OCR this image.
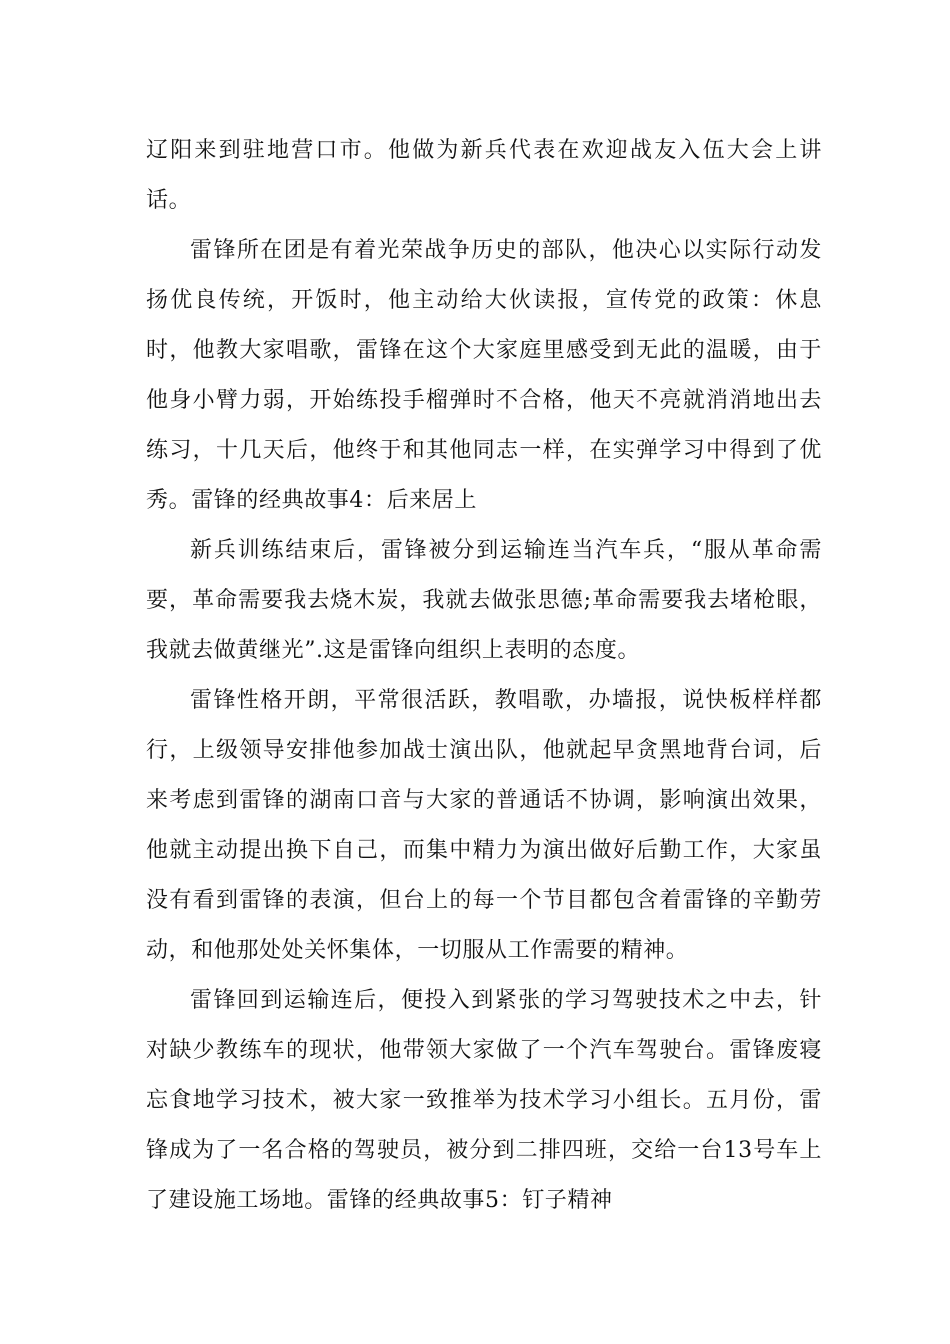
辽阳来到驻地营口市。他做为新兵代表在欢迎战友入伍大会上讲话。

雷锋所在团是有着光荣战争历史的部队，他决心以实际行动发扬优良传统，开饭时，他主动给大伙读报，宣传党的政策：休息时，他教大家唱歌，雷锋在这个大家庭里感受到无此的温暖，由于他身小臂力弱，开始练投手榴弹时不合格，他天不亮就消消地出去练习，十几天后，他终于和其他同志一样，在实弹学习中得到了优秀。雷锋的经典故事4：后来居上

新兵训练结束后，雷锋被分到运输连当汽车兵，“服从革命需要，革命需要我去烧木炭，我就去做张思德;革命需要我去堵枪眼，我就去做黄继光”.这是雷锋向组织上表明的态度。

雷锋性格开朗，平常很活跃，教唱歌，办墙报，说快板样样都行，上级领导安排他参加战士演出队，他就起早贪黑地背台词，后来考虑到雷锋的湖南口音与大家的普通话不协调，影响演出效果，他就主动提出换下自己，而集中精力为演出做好后勤工作，大家虽没有看到雷锋的表演，但台上的每一个节目都包含着雷锋的辛勤劳动，和他那处处关怀集体，一切服从工作需要的精神。

雷锋回到运输连后，便投入到紧张的学习驾驶技术之中去，针对缺少教练车的现状，他带领大家做了一个汽车驾驶台。雷锋废寝忘食地学习技术，被大家一致推举为技术学习小组长。五月份，雷锋成为了一名合格的驾驶员，被分到二排四班，交给一台13号车上了建设施工场地。雷锋的经典故事5：钉子精神
